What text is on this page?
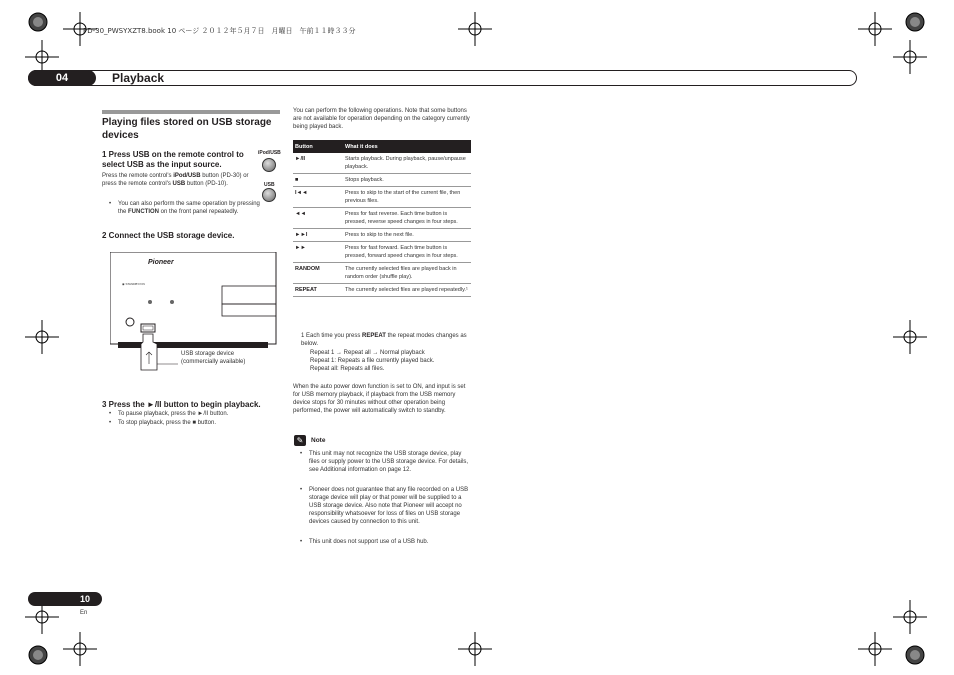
PD-30_PWSYXZT8.book 10 ページ ２０１２年５月７日　月曜日　午前１１時３３分
04	Playback
Playing files stored on USB storage devices
1 Press USB on the remote control to select USB as the input source.
Press the remote control's iPod/USB button (PD-30) or press the remote control's USB button (PD-10).
• You can also perform the same operation by pressing the FUNCTION on the front panel repeatedly.
iPod/USB
USB
2 Connect the USB storage device.
◉ STANDBY/ON
Pioneer
USB storage device (commercially available)
3 Press the ►/II button to begin playback.
• To pause playback, press the ►/II button.
• To stop playback, press the ■ button.
You can perform the following operations. Note that some buttons are not available for operation depending on the category currently being played back.
Button	What it does
►/II	Starts playback. During playback, pause/unpause playback.
■	Stops playback.
I◄◄	Press to skip to the start of the current file, then previous files.
◄◄	Press for fast reverse. Each time button is pressed, reverse speed changes in four steps.
►►I	Press to skip to the next file.
►►	Press for fast forward. Each time button is pressed, forward speed changes in four steps.
RANDOM	The currently selected files are played back in random order (shuffle play).
REPEAT	The currently selected files are played repeatedly.¹
1 Each time you press REPEAT the repeat modes changes as below.
Repeat 1 → Repeat all → Normal playback
Repeat 1: Repeats a file currently played back.
Repeat all: Repeats all files.
When the auto power down function is set to ON, and input is set for USB memory playback, if playback from the USB memory device stops for 30 minutes without other operation being performed, the power will automatically switch to standby.
✎	Note
• This unit may not recognize the USB storage device, play files or supply power to the USB storage device. For details, see Additional information on page 12.
• Pioneer does not guarantee that any file recorded on a USB storage device will play or that power will be supplied to a USB storage device. Also note that Pioneer will accept no responsibility whatsoever for loss of files on USB storage devices caused by connection to this unit.
• This unit does not support use of a USB hub.
10
En
